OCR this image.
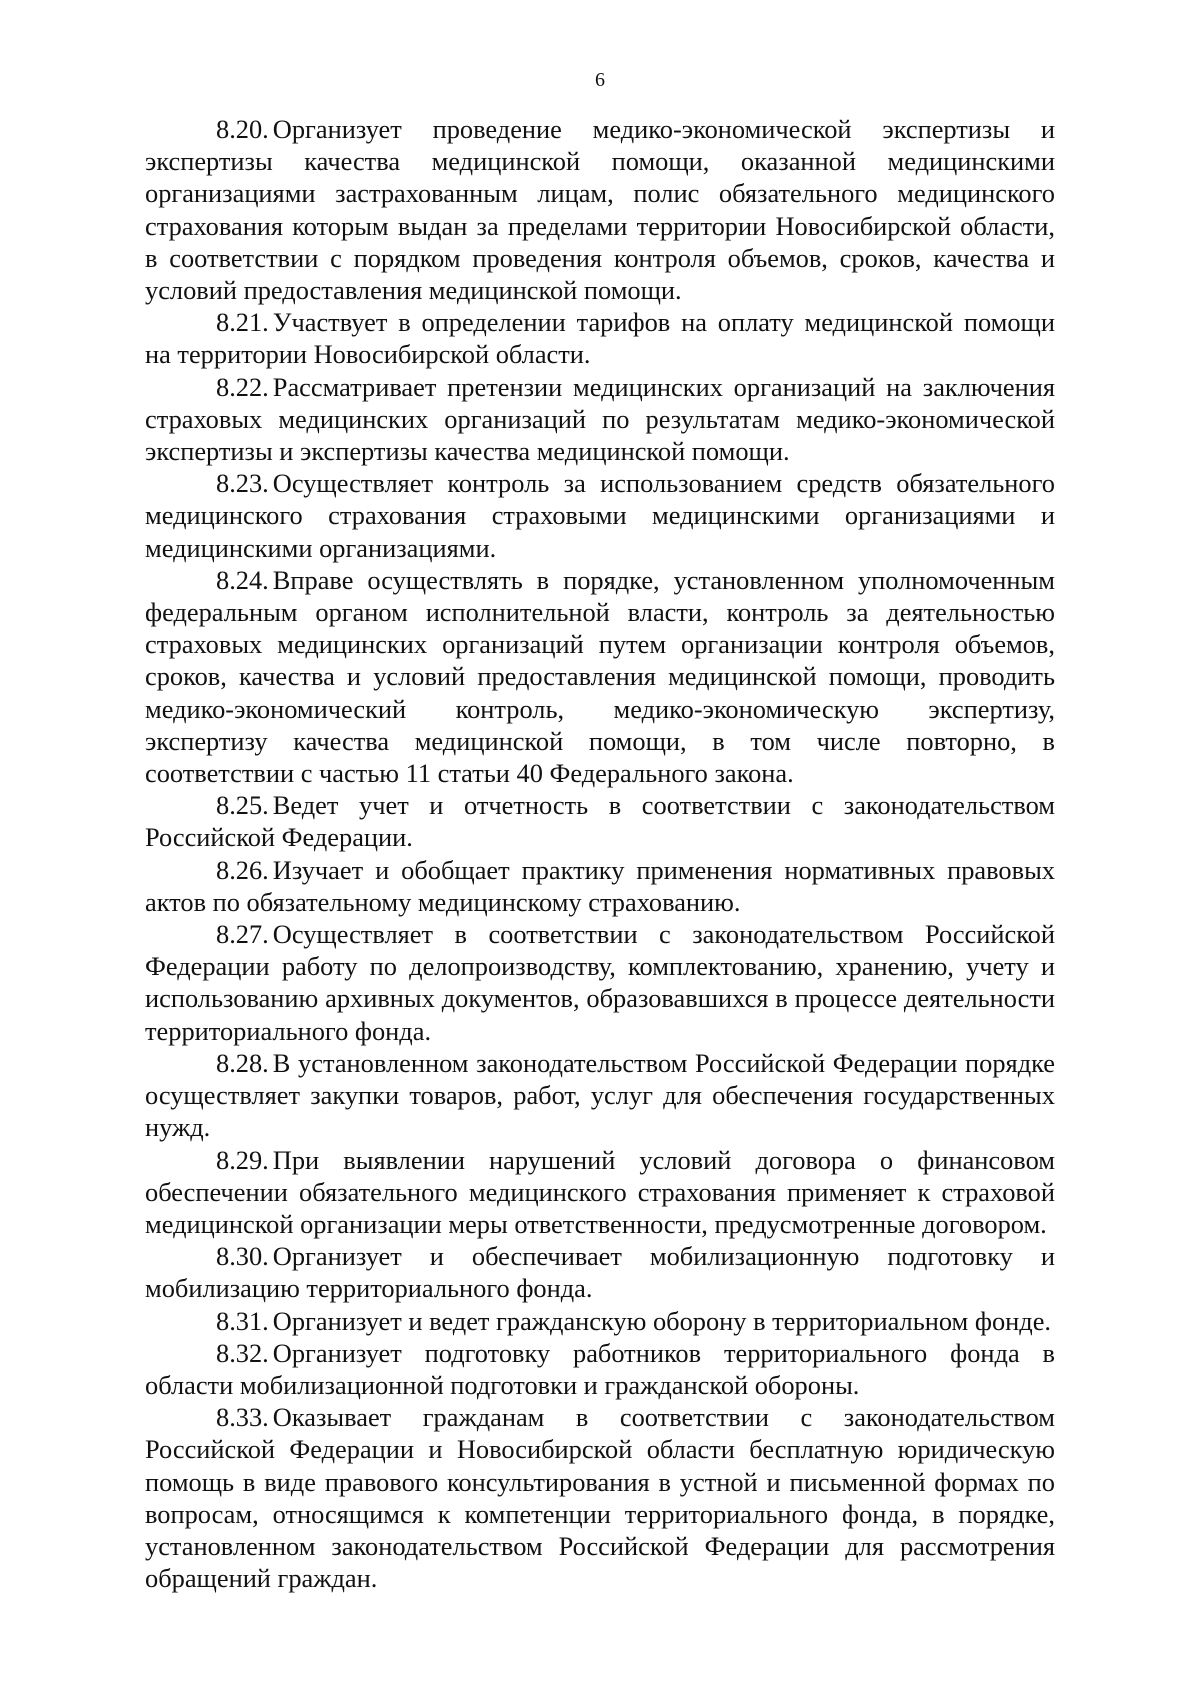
6

8.20. Организует проведение медико-экономической экспертизы и экспертизы качества медицинской помощи, оказанной медицинскими организациями застрахованным лицам, полис обязательного медицинского страхования которым выдан за пределами территории Новосибирской области, в соответствии с порядком проведения контроля объемов, сроков, качества и условий предоставления медицинской помощи.

8.21. Участвует в определении тарифов на оплату медицинской помощи на территории Новосибирской области.

8.22. Рассматривает претензии медицинских организаций на заключения страховых медицинских организаций по результатам медико-экономической экспертизы и экспертизы качества медицинской помощи.

8.23. Осуществляет контроль за использованием средств обязательного медицинского страхования страховыми медицинскими организациями и медицинскими организациями.

8.24. Вправе осуществлять в порядке, установленном уполномоченным федеральным органом исполнительной власти, контроль за деятельностью страховых медицинских организаций путем организации контроля объемов, сроков, качества и условий предоставления медицинской помощи, проводить медико-экономический контроль, медико-экономическую экспертизу, экспертизу качества медицинской помощи, в том числе повторно, в соответствии с частью 11 статьи 40 Федерального закона.

8.25. Ведет учет и отчетность в соответствии с законодательством Российской Федерации.

8.26. Изучает и обобщает практику применения нормативных правовых актов по обязательному медицинскому страхованию.

8.27. Осуществляет в соответствии с законодательством Российской Федерации работу по делопроизводству, комплектованию, хранению, учету и использованию архивных документов, образовавшихся в процессе деятельности территориального фонда.

8.28. В установленном законодательством Российской Федерации порядке осуществляет закупки товаров, работ, услуг для обеспечения государственных нужд.

8.29. При выявлении нарушений условий договора о финансовом обеспечении обязательного медицинского страхования применяет к страховой медицинской организации меры ответственности, предусмотренные договором.

8.30. Организует и обеспечивает мобилизационную подготовку и мобилизацию территориального фонда.

8.31. Организует и ведет гражданскую оборону в территориальном фонде.

8.32. Организует подготовку работников территориального фонда в области мобилизационной подготовки и гражданской обороны.

8.33. Оказывает гражданам в соответствии с законодательством Российской Федерации и Новосибирской области бесплатную юридическую помощь в виде правового консультирования в устной и письменной формах по вопросам, относящимся к компетенции территориального фонда, в порядке, установленном законодательством Российской Федерации для рассмотрения обращений граждан.
